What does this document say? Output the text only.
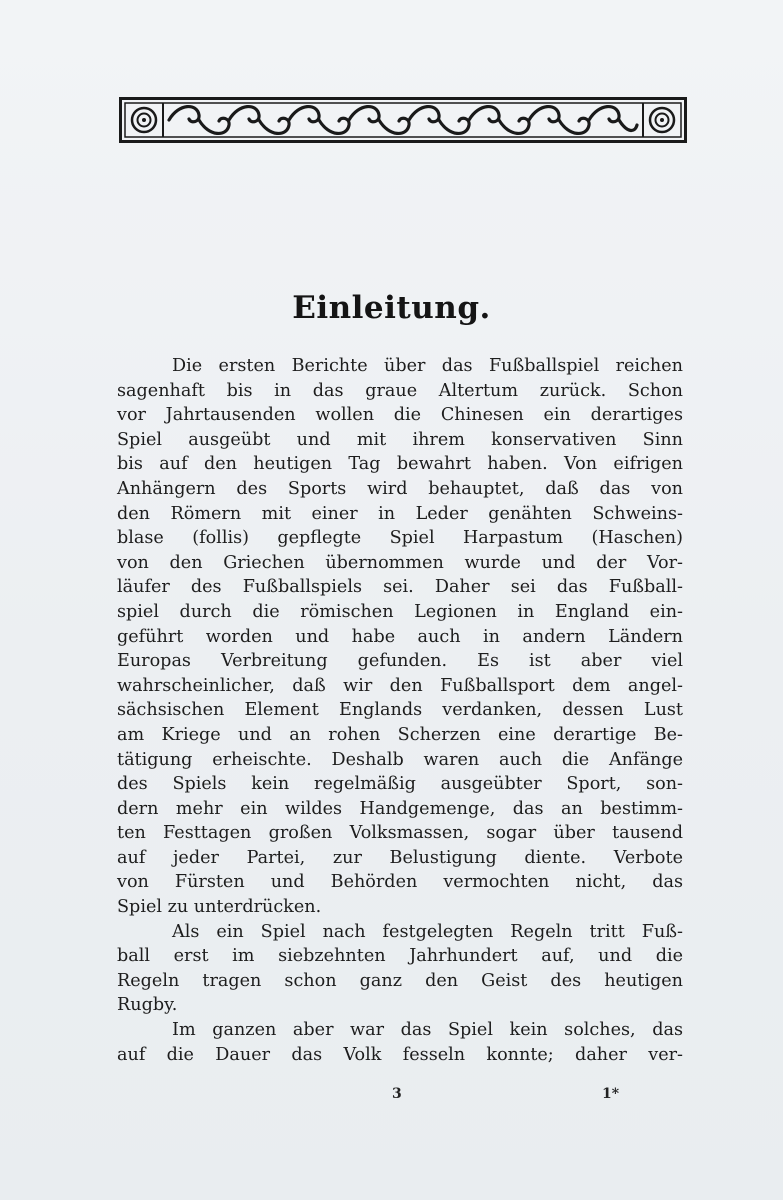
Einleitung.
Die ersten Berichte über das Fußballspiel reichen
sagenhaft bis in das graue Altertum zurück. Schon
vor Jahrtausenden wollen die Chinesen ein derartiges
Spiel ausgeübt und mit ihrem konservativen Sinn
bis auf den heutigen Tag bewahrt haben. Von eifrigen
Anhängern des Sports wird behauptet, daß das von
den Römern mit einer in Leder genähten Schweins-
blase (follis) gepflegte Spiel Harpastum (Haschen)
von den Griechen übernommen wurde und der Vor-
läufer des Fußballspiels sei. Daher sei das Fußball-
spiel durch die römischen Legionen in England ein-
geführt worden und habe auch in andern Ländern
Europas Verbreitung gefunden. Es ist aber viel
wahrscheinlicher, daß wir den Fußballsport dem angel-
sächsischen Element Englands verdanken, dessen Lust
am Kriege und an rohen Scherzen eine derartige Be-
tätigung erheischte. Deshalb waren auch die Anfänge
des Spiels kein regelmäßig ausgeübter Sport, son-
dern mehr ein wildes Handgemenge, das an bestimm-
ten Festtagen großen Volksmassen, sogar über tausend
auf jeder Partei, zur Belustigung diente. Verbote
von Fürsten und Behörden vermochten nicht, das
Spiel zu unterdrücken.
Als ein Spiel nach festgelegten Regeln tritt Fuß-
ball erst im siebzehnten Jahrhundert auf, und die
Regeln tragen schon ganz den Geist des heutigen
Rugby.
Im ganzen aber war das Spiel kein solches, das
auf die Dauer das Volk fesseln konnte; daher ver-
3	1*
